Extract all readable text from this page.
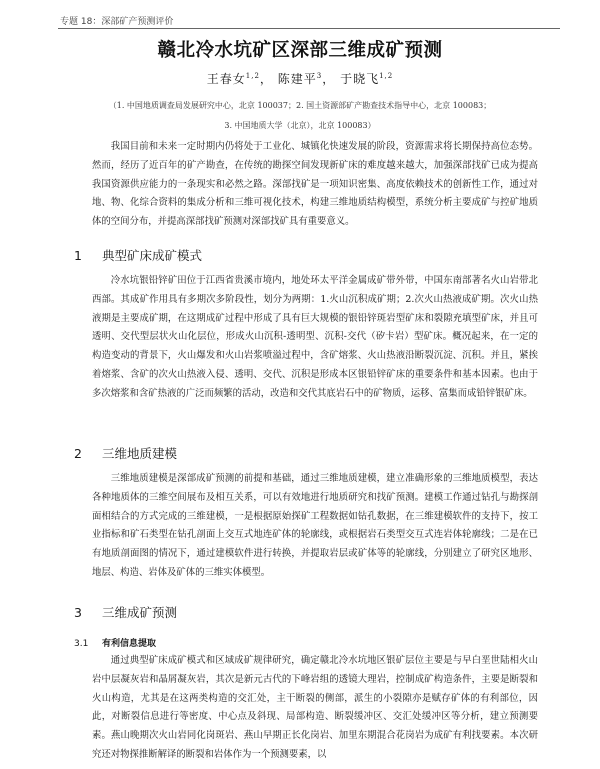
专题 18：深部矿产预测评价
赣北冷水坑矿区深部三维成矿预测
王春女$^{1,2}$， 陈建平$^3$， 于晓飞$^{1,2}$
（1. 中国地质调查局发展研究中心，北京 100037；2. 国土资源部矿产勘查技术指导中心，北京 100083；
3. 中国地质大学（北京），北京 100083）

我国目前和未来一定时期内仍将处于工业化、城镇化快速发展的阶段，资源需求将长期保持高位态势。然而，经历了近百年的矿产勘查，在传统的勘探空间发现新矿床的难度越来越大，加强深部找矿已成为提高我国资源供应能力的一条现实和必然之路。深部找矿是一项知识密集、高度依赖技术的创新性工作，通过对地、物、化综合资料的集成分析和三维可视化技术，构建三维地质结构模型，系统分析主要成矿与控矿地质体的空间分布，并提高深部找矿预测对深部找矿具有重要意义。

1 典型矿床成矿模式

冷水坑银铅锌矿田位于江西省贵溪市境内，地处环太平洋金属成矿带外带，中国东南部著名火山岩带北西部。其成矿作用具有多期次多阶段性，划分为两期：1.火山沉积成矿期；2.次火山热液成矿期。次火山热液期是主要成矿期，在这期成矿过程中形成了具有巨大规模的银铅锌斑岩型矿床和裂隙充填型矿床，并且可透明、交代型层状火山化层位，形成火山沉积-透明型、沉积-交代（矽卡岩）型矿床。概况起来，在一定的构造变动的背景下，火山爆发和火山岩浆喷溢过程中，含矿熔浆、火山热液沿断裂沉淀、沉积。并且，紧挨着熔浆、含矿的次火山热液入侵、透明、交代、沉积是形成本区银铅锌矿床的重要条件和基本因素。也由于多次熔浆和含矿热液的广泛而频繁的活动，改造和交代其底岩石中的矿物质，运移、富集而成铅锌银矿床。

2 三维地质建模

三维地质建模是深部成矿预测的前提和基础，通过三维地质建模，建立准确形象的三维地质模型，表达各种地质体的三维空间展布及相互关系，可以有效地进行地质研究和找矿预测。建模工作通过钻孔与勘探剖面相结合的方式完成的三维建模，一是根据原始探矿工程数据如钻孔数据，在三维建模软件的支持下，按工业指标和矿石类型在钻孔剖面上交互式地连矿体的轮廓线，或根据岩石类型交互式连岩体轮廓线；二是在已有地质剖面图的情况下，通过建模软件进行转换，并提取岩层或矿体等的轮廓线，分别建立了研究区地形、地层、构造、岩体及矿体的三维实体模型。

3 三维成矿预测
3.1 有利信息提取

通过典型矿床成矿模式和区域成矿规律研究，确定赣北冷水坑地区银矿层位主要是与早白垩世陆相火山岩中层凝灰岩和晶屑凝灰岩，其次是新元古代的下峰岩组的透镜大理岩，控制成矿构造条件，主要是断裂和火山构造，尤其是在这两类构造的交汇处，主干断裂的侧部，派生的小裂隙亦是赋存矿体的有利部位，因此，对断裂信息进行等密度、中心点及斜现、局部构造、断裂缓冲区、交汇处缓冲区等分析，建立预测要素。燕山晚期次火山岩同化岗斑岩、燕山早期正长化岗岩、加里东期混合花岗岩为成矿有利找要素。本次研究还对物探推断解译的断裂和岩体作为一个预测要素，以
